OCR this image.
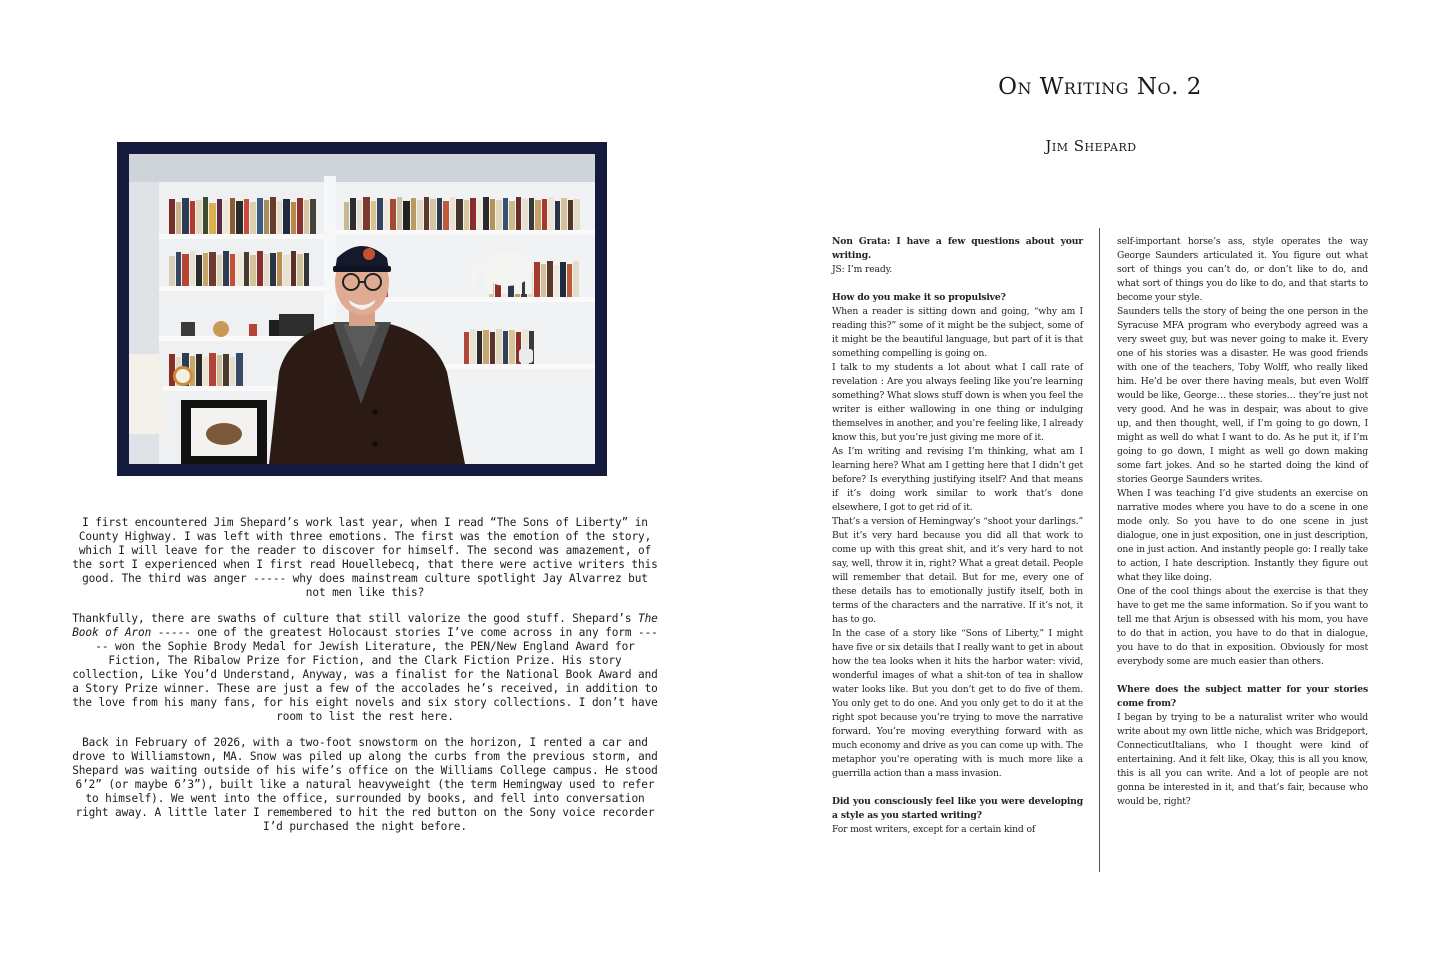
I first encountered Jim Shepard’s work last year, when I read “The Sons of Liberty” in County Highway. I was left with three emotions. The first was the emotion of the story, which I will leave for the reader to discover for himself. The second was amazement, of the sort I experienced when I first read Houellebecq, that there were active writers this good. The third was anger ----- why does mainstream culture spotlight Jay Alvarrez but not men like this?

Thankfully, there are swaths of culture that still valorize the good stuff. Shepard’s The Book of Aron ----- one of the greatest Holocaust stories I’ve come across in any form ----- won the Sophie Brody Medal for Jewish Literature, the PEN/New England Award for Fiction, The Ribalow Prize for Fiction, and the Clark Fiction Prize. His story collection, Like You’d Understand, Anyway, was a finalist for the National Book Award and a Story Prize winner. These are just a few of the accolades he’s received, in addition to the love from his many fans, for his eight novels and six story collections. I don’t have room to list the rest here.

Back in February of 2026, with a two-foot snowstorm on the horizon, I rented a car and drove to Williamstown, MA. Snow was piled up along the curbs from the previous storm, and Shepard was waiting outside of his wife’s office on the Williams College campus. He stood 6’2” (or maybe 6’3”), built like a natural heavyweight (the term Hemingway used to refer to himself). We went into the office, surrounded by books, and fell into conversation right away. A little later I remembered to hit the red button on the Sony voice recorder I’d purchased the night before.

On Writing No. 2
Jim Shepard

Non Grata: I have a few questions about your writing.

JS: I’m ready.

How do you make it so propulsive?

When a reader is sitting down and going, “why am I reading this?” some of it might be the subject, some of it might be the beautiful language, but part of it is that something compelling is going on.

I talk to my students a lot about what I call rate of revelation : Are you always feeling like you’re learning something? What slows stuff down is when you feel the writer is either wallowing in one thing or indulging themselves in another, and you’re feeling like, I already know this, but you’re just giving me more of it.

As I’m writing and revising I’m thinking, what am I learning here? What am I getting here that I didn’t get before? Is everything justifying itself? And that means if it’s doing work similar to work that’s done elsewhere, I got to get rid of it.

That’s a version of Hemingway’s “shoot your darlings.” But it’s very hard because you did all that work to come up with this great shit, and it’s very hard to not say, well, throw it in, right? What a great detail. People will remember that detail. But for me, every one of these details has to emotionally justify itself, both in terms of the characters and the narrative. If it’s not, it has to go.

In the case of a story like “Sons of Liberty,” I might have five or six details that I really want to get in about how the tea looks when it hits the harbor water: vivid, wonderful images of what a shit-ton of tea in shallow water looks like. But you don’t get to do five of them. You only get to do one. And you only get to do it at the right spot because you’re trying to move the narrative forward. You’re moving everything forward with as much economy and drive as you can come up with. The metaphor you’re operating with is much more like a guerrilla action than a mass invasion.

Did you consciously feel like you were developing a style as you started writing?

For most writers, except for a certain kind of

self-important horse’s ass, style operates the way George Saunders articulated it. You figure out what sort of things you can’t do, or don’t like to do, and what sort of things you do like to do, and that starts to become your style.

Saunders tells the story of being the one person in the Syracuse MFA program who everybody agreed was a very sweet guy, but was never going to make it. Every one of his stories was a disaster. He was good friends with one of the teachers, Toby Wolff, who really liked him. He’d be over there having meals, but even Wolff would be like, George… these stories… they’re just not very good. And he was in despair, was about to give up, and then thought, well, if I’m going to go down, I might as well do what I want to do. As he put it, if I’m going to go down, I might as well go down making some fart jokes. And so he started doing the kind of stories George Saunders writes.

When I was teaching I’d give students an exercise on narrative modes where you have to do a scene in one mode only. So you have to do one scene in just dialogue, one in just exposition, one in just description, one in just action. And instantly people go: I really take to action, I hate description. Instantly they figure out what they like doing.

One of the cool things about the exercise is that they have to get me the same information. So if you want to tell me that Arjun is obsessed with his mom, you have to do that in action, you have to do that in dialogue, you have to do that in exposition. Obviously for most everybody some are much easier than others.

Where does the subject matter for your stories come from?

I began by trying to be a naturalist writer who would write about my own little niche, which was Bridgeport, ConnecticutItalians, who I thought were kind of entertaining. And it felt like, Okay, this is all you know, this is all you can write. And a lot of people are not gonna be interested in it, and that’s fair, because who would be, right?
